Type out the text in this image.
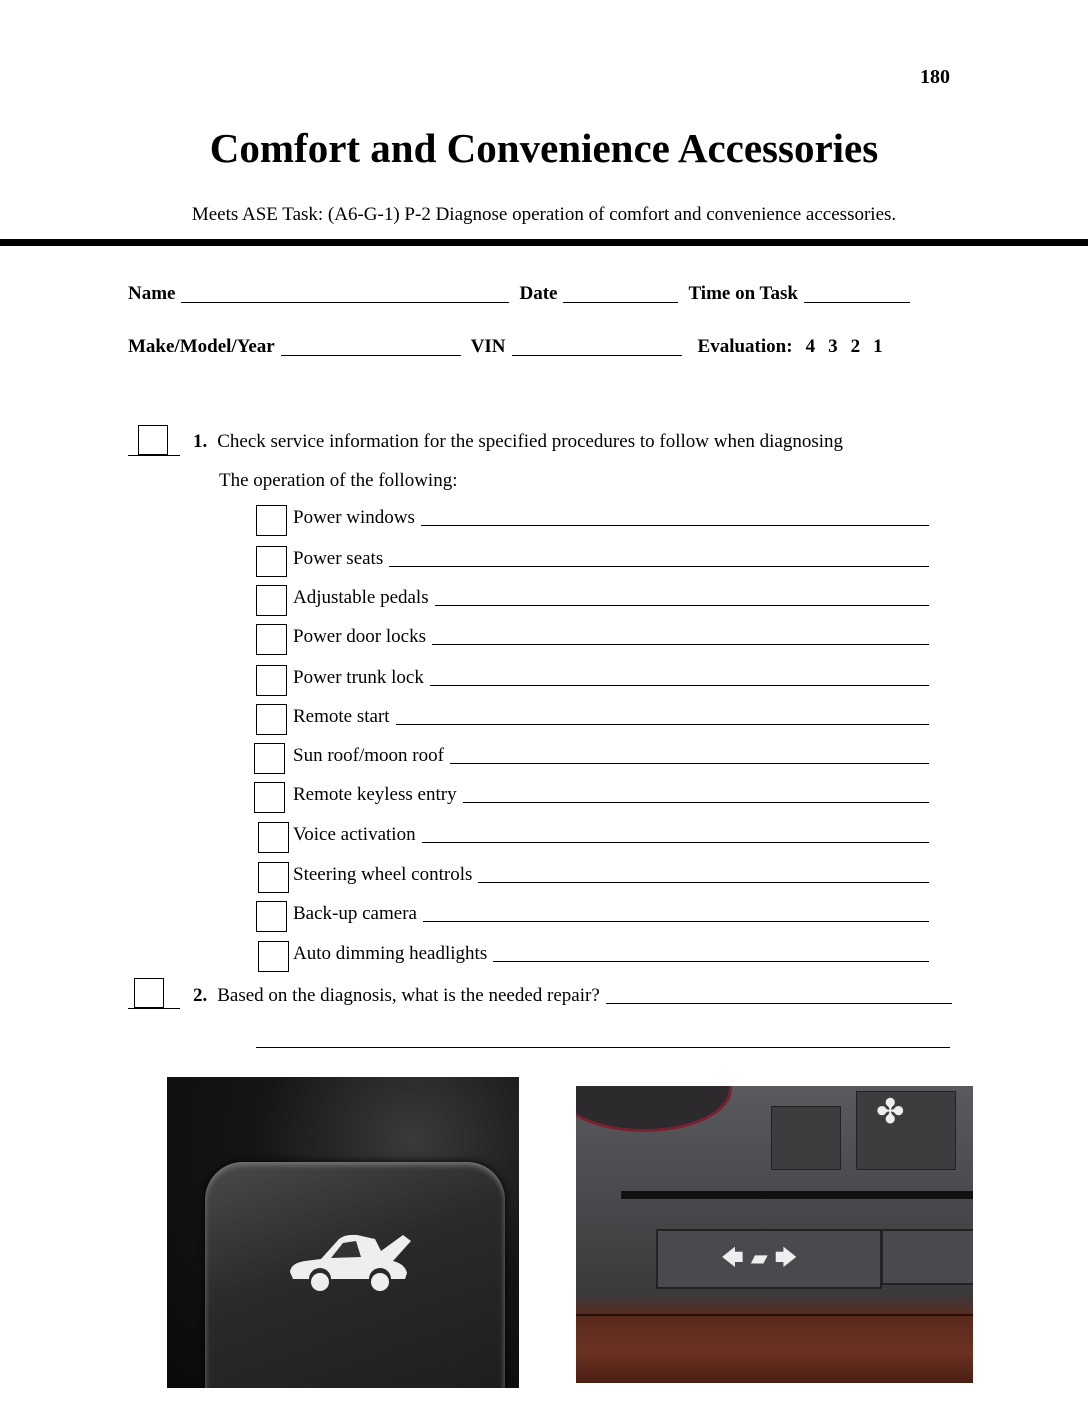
180
Comfort and Convenience Accessories
Meets ASE Task: (A6-G-1) P-2 Diagnose operation of comfort and convenience accessories.
Name	Date	Time on Task
Make/Model/Year	VIN	Evaluation: 4 3 2 1
1. Check service information for the specified procedures to follow when diagnosing
The operation of the following:
Power windows
Power seats
Adjustable pedals
Power door locks
Power trunk lock
Remote start
Sun roof/moon roof
Remote keyless entry
Voice activation
Steering wheel controls
Back-up camera
Auto dimming headlights
2. Based on the diagnosis, what is the needed repair?
✤
🡄 ▰ 🡆
